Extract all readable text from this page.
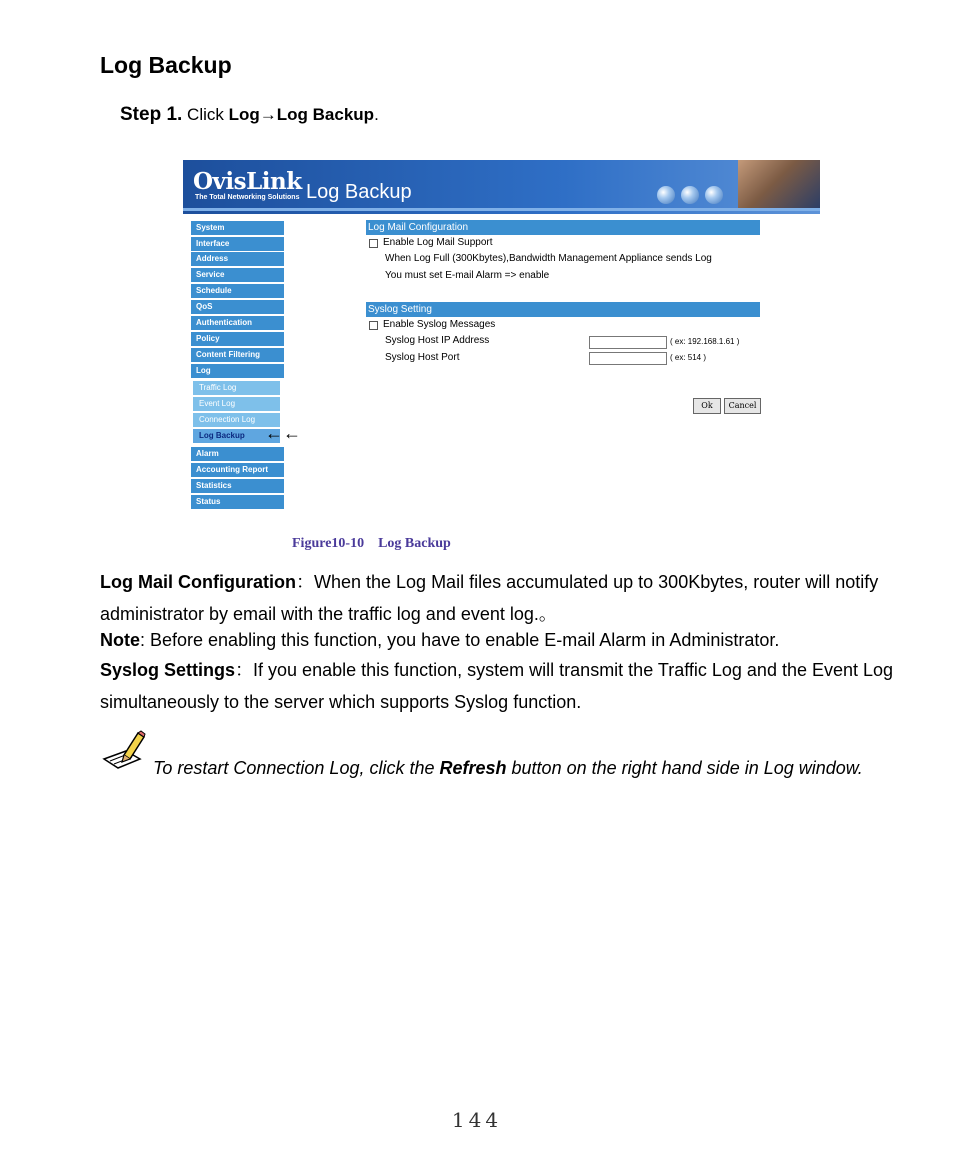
Log Backup
Step 1. Click Log→Log Backup.
OvisLink
The Total Networking Solutions Log Backup
System
Interface
Address
Service
Schedule
QoS
Authentication
Policy
Content Filtering
Log
Traffic Log
Event Log
Connection Log
Log Backup	←←
Alarm
Accounting Report
Statistics
Status
Log Mail Configuration
Enable Log Mail Support
When Log Full (300Kbytes),Bandwidth Management Appliance sends Log
You must set E-mail Alarm => enable
Syslog Setting
Enable Syslog Messages
Syslog Host IP Address	( ex: 192.168.1.61 )
Syslog Host Port	( ex: 514 )
Ok	Cancel
Figure10-10    Log Backup
Log Mail Configuration：When the Log Mail files accumulated up to 300Kbytes, router will notify administrator by email with the traffic log and event log.。
Note: Before enabling this function, you have to enable E-mail Alarm in Administrator.
Syslog Settings：If you enable this function, system will transmit the Traffic Log and the Event Log simultaneously to the server which supports Syslog function.
To restart Connection Log, click the Refresh button on the right hand side in Log window.
144
